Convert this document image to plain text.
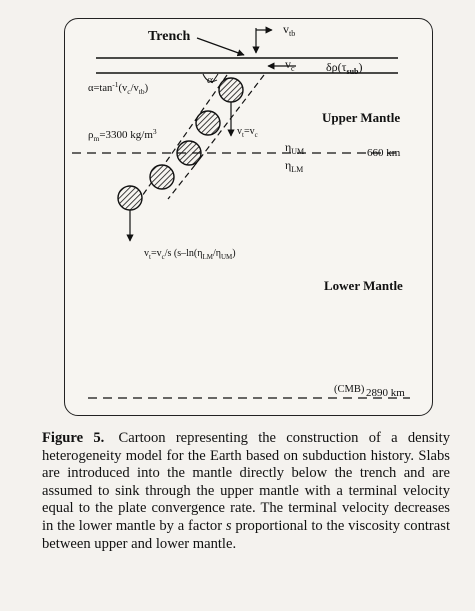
Trench	$v_{tb}$
$v_c$	$\delta\rho(\tau_{sub})$
α
$\alpha=\tan^{-1}(v_c/v_{tb})$
$v_t=v_c$
Upper Mantle
$\rho_m=3300$ $kg/m^3$
$\eta_{UM}$	660 km
$\eta_{LM}$
$v_t=v_c/s$ ($s-\ln(\eta_{LM}/\eta_{UM})$
Lower Mantle
(CMB) 2890 km
Figure 5. Cartoon representing the construction of a density heterogeneity model for the Earth based on subduction history. Slabs are introduced into the mantle directly below the trench and are assumed to sink through the upper mantle with a terminal velocity equal to the plate convergence rate. The terminal velocity decreases in the lower mantle by a factor s proportional to the viscosity contrast between upper and lower mantle.
